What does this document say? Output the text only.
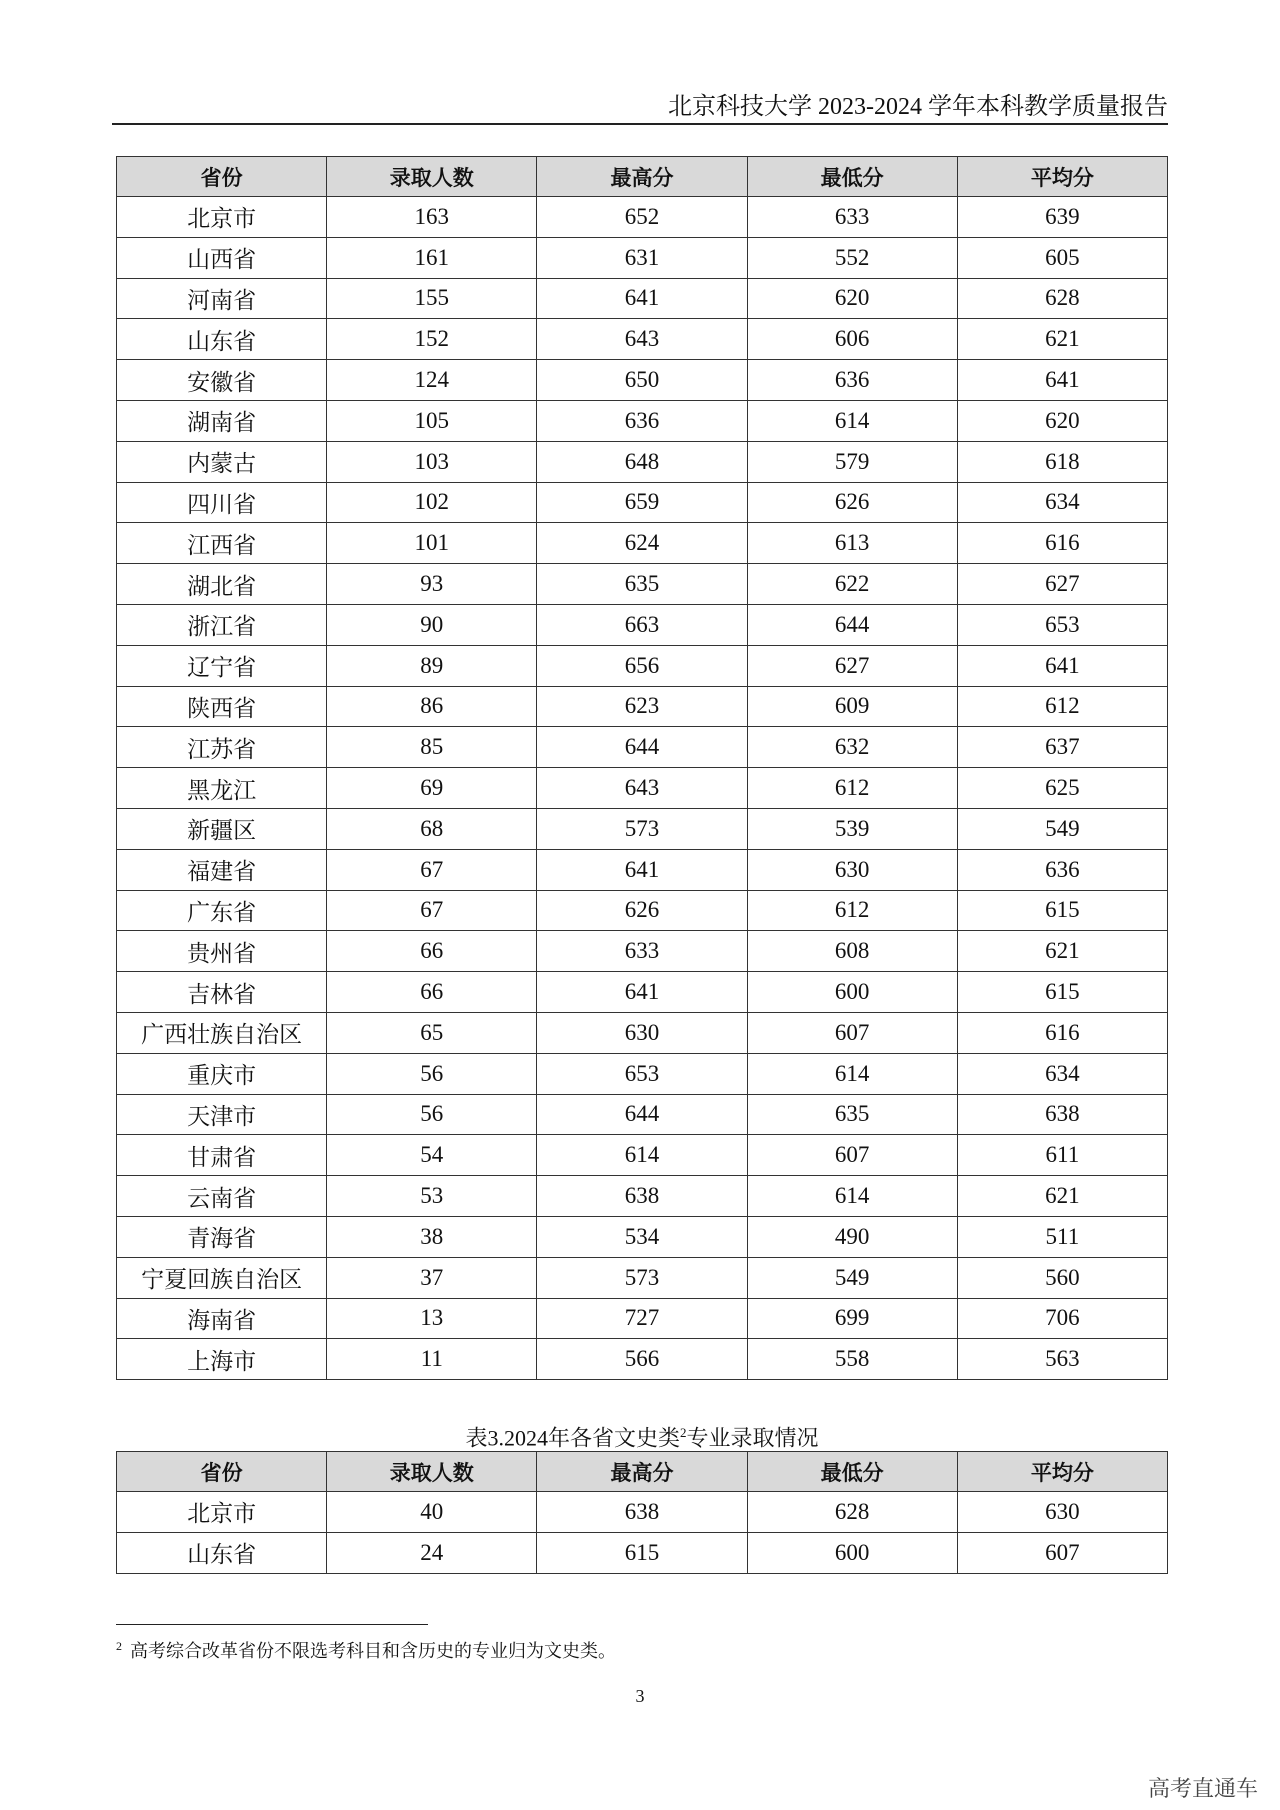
北京科技大学 2023-2024 学年本科教学质量报告
省份	录取人数	最高分	最低分	平均分
北京市	163	652	633	639
山西省	161	631	552	605
河南省	155	641	620	628
山东省	152	643	606	621
安徽省	124	650	636	641
湖南省	105	636	614	620
内蒙古	103	648	579	618
四川省	102	659	626	634
江西省	101	624	613	616
湖北省	93	635	622	627
浙江省	90	663	644	653
辽宁省	89	656	627	641
陕西省	86	623	609	612
江苏省	85	644	632	637
黑龙江	69	643	612	625
新疆区	68	573	539	549
福建省	67	641	630	636
广东省	67	626	612	615
贵州省	66	633	608	621
吉林省	66	641	600	615
广西壮族自治区	65	630	607	616
重庆市	56	653	614	634
天津市	56	644	635	638
甘肃省	54	614	607	611
云南省	53	638	614	621
青海省	38	534	490	511
宁夏回族自治区	37	573	549	560
海南省	13	727	699	706
上海市	11	566	558	563
表3.2024年各省文史类$^2$专业录取情况
省份	录取人数	最高分	最低分	平均分
北京市	40	638	628	630
山东省	24	615	600	607
$^2$ 高考综合改革省份不限选考科目和含历史的专业归为文史类。
3
高考直通车
